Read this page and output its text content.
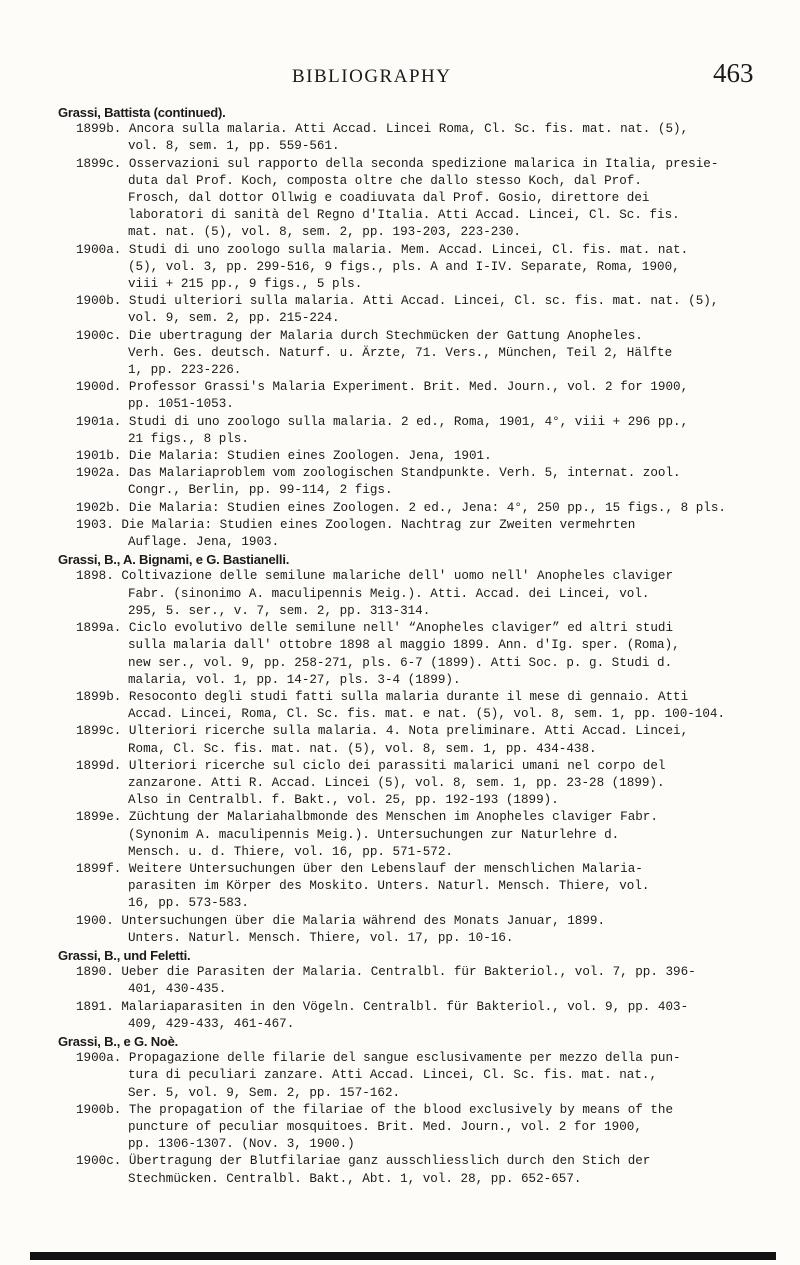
BIBLIOGRAPHY	463
Grassi, Battista (continued).
1899b. Ancora sulla malaria. Atti Accad. Lincei Roma, Cl. Sc. fis. mat. nat. (5),
vol. 8, sem. 1, pp. 559-561.
1899c. Osservazioni sul rapporto della seconda spedizione malarica in Italia, presie-
duta dal Prof. Koch, composta oltre che dallo stesso Koch, dal Prof.
Frosch, dal dottor Ollwig e coadiuvata dal Prof. Gosio, direttore dei
laboratori di sanità del Regno d'Italia. Atti Accad. Lincei, Cl. Sc. fis.
mat. nat. (5), vol. 8, sem. 2, pp. 193-203, 223-230.
1900a. Studi di uno zoologo sulla malaria. Mem. Accad. Lincei, Cl. fis. mat. nat.
(5), vol. 3, pp. 299-516, 9 figs., pls. A and I-IV. Separate, Roma, 1900,
viii + 215 pp., 9 figs., 5 pls.
1900b. Studi ulteriori sulla malaria. Atti Accad. Lincei, Cl. sc. fis. mat. nat. (5),
vol. 9, sem. 2, pp. 215-224.
1900c. Die ubertragung der Malaria durch Stechmücken der Gattung Anopheles.
Verh. Ges. deutsch. Naturf. u. Ärzte, 71. Vers., München, Teil 2, Hälfte
1, pp. 223-226.
1900d. Professor Grassi's Malaria Experiment. Brit. Med. Journ., vol. 2 for 1900,
pp. 1051-1053.
1901a. Studi di uno zoologo sulla malaria. 2 ed., Roma, 1901, 4°, viii + 296 pp.,
21 figs., 8 pls.
1901b. Die Malaria: Studien eines Zoologen. Jena, 1901.
1902a. Das Malariaproblem vom zoologischen Standpunkte. Verh. 5, internat. zool.
Congr., Berlin, pp. 99-114, 2 figs.
1902b. Die Malaria: Studien eines Zoologen. 2 ed., Jena: 4°, 250 pp., 15 figs., 8 pls.
1903. Die Malaria: Studien eines Zoologen. Nachtrag zur Zweiten vermehrten
Auflage. Jena, 1903.
Grassi, B., A. Bignami, e G. Bastianelli.
1898. Coltivazione delle semilune malariche dell' uomo nell' Anopheles claviger
Fabr. (sinonimo A. maculipennis Meig.). Atti. Accad. dei Lincei, vol.
295, 5. ser., v. 7, sem. 2, pp. 313-314.
1899a. Ciclo evolutivo delle semilune nell' “Anopheles claviger” ed altri studi
sulla malaria dall' ottobre 1898 al maggio 1899. Ann. d'Ig. sper. (Roma),
new ser., vol. 9, pp. 258-271, pls. 6-7 (1899). Atti Soc. p. g. Studi d.
malaria, vol. 1, pp. 14-27, pls. 3-4 (1899).
1899b. Resoconto degli studi fatti sulla malaria durante il mese di gennaio. Atti
Accad. Lincei, Roma, Cl. Sc. fis. mat. e nat. (5), vol. 8, sem. 1, pp. 100-104.
1899c. Ulteriori ricerche sulla malaria. 4. Nota preliminare. Atti Accad. Lincei,
Roma, Cl. Sc. fis. mat. nat. (5), vol. 8, sem. 1, pp. 434-438.
1899d. Ulteriori ricerche sul ciclo dei parassiti malarici umani nel corpo del
zanzarone. Atti R. Accad. Lincei (5), vol. 8, sem. 1, pp. 23-28 (1899).
Also in Centralbl. f. Bakt., vol. 25, pp. 192-193 (1899).
1899e. Züchtung der Malariahalbmonde des Menschen im Anopheles claviger Fabr.
(Synonim A. maculipennis Meig.). Untersuchungen zur Naturlehre d.
Mensch. u. d. Thiere, vol. 16, pp. 571-572.
1899f. Weitere Untersuchungen über den Lebenslauf der menschlichen Malaria-
parasiten im Körper des Moskito. Unters. Naturl. Mensch. Thiere, vol.
16, pp. 573-583.
1900. Untersuchungen über die Malaria während des Monats Januar, 1899.
Unters. Naturl. Mensch. Thiere, vol. 17, pp. 10-16.
Grassi, B., und Feletti.
1890. Ueber die Parasiten der Malaria. Centralbl. für Bakteriol., vol. 7, pp. 396-
401, 430-435.
1891. Malariaparasiten in den Vögeln. Centralbl. für Bakteriol., vol. 9, pp. 403-
409, 429-433, 461-467.
Grassi, B., e G. Noè.
1900a. Propagazione delle filarie del sangue esclusivamente per mezzo della pun-
tura di peculiari zanzare. Atti Accad. Lincei, Cl. Sc. fis. mat. nat.,
Ser. 5, vol. 9, Sem. 2, pp. 157-162.
1900b. The propagation of the filariae of the blood exclusively by means of the
puncture of peculiar mosquitoes. Brit. Med. Journ., vol. 2 for 1900,
pp. 1306-1307. (Nov. 3, 1900.)
1900c. Übertragung der Blutfilariae ganz ausschliesslich durch den Stich der
Stechmücken. Centralbl. Bakt., Abt. 1, vol. 28, pp. 652-657.
